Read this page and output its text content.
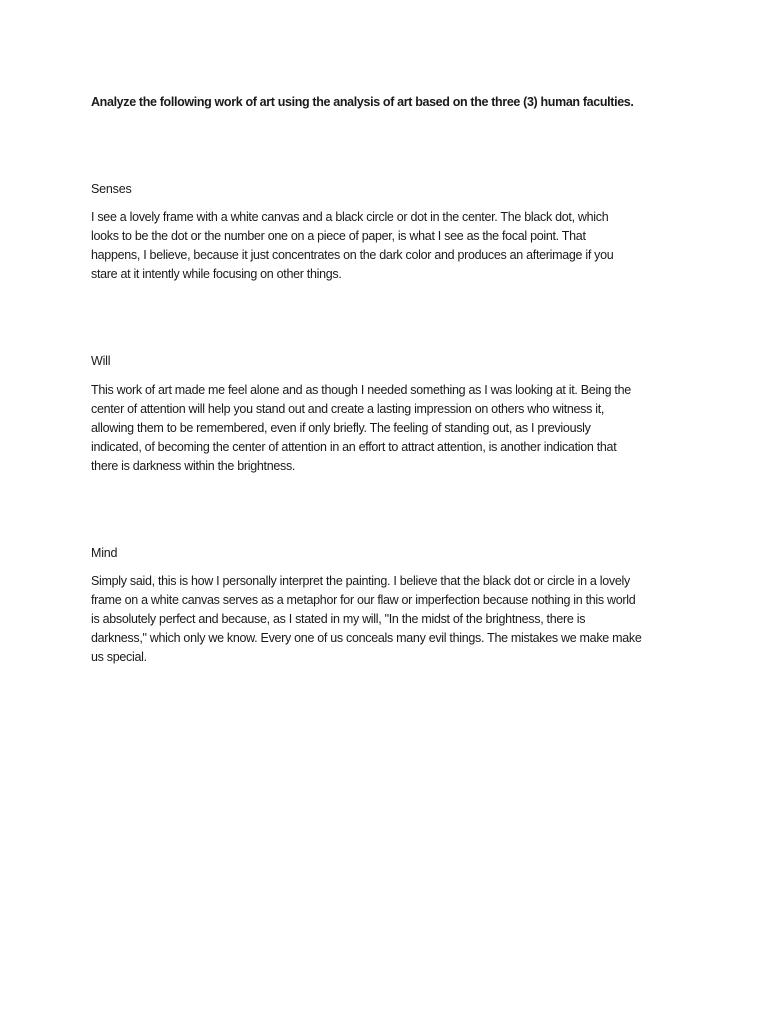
Analyze the following work of art using the analysis of art based on the three (3) human faculties.
Senses
I see a lovely frame with a white canvas and a black circle or dot in the center. The black dot, which
looks to be the dot or the number one on a piece of paper, is what I see as the focal point. That
happens, I believe, because it just concentrates on the dark color and produces an afterimage if you
stare at it intently while focusing on other things.
Will
This work of art made me feel alone and as though I needed something as I was looking at it. Being the
center of attention will help you stand out and create a lasting impression on others who witness it,
allowing them to be remembered, even if only briefly. The feeling of standing out, as I previously
indicated, of becoming the center of attention in an effort to attract attention, is another indication that
there is darkness within the brightness.
Mind
Simply said, this is how I personally interpret the painting. I believe that the black dot or circle in a lovely
frame on a white canvas serves as a metaphor for our flaw or imperfection because nothing in this world
is absolutely perfect and because, as I stated in my will, "In the midst of the brightness, there is
darkness," which only we know. Every one of us conceals many evil things. The mistakes we make make
us special.
